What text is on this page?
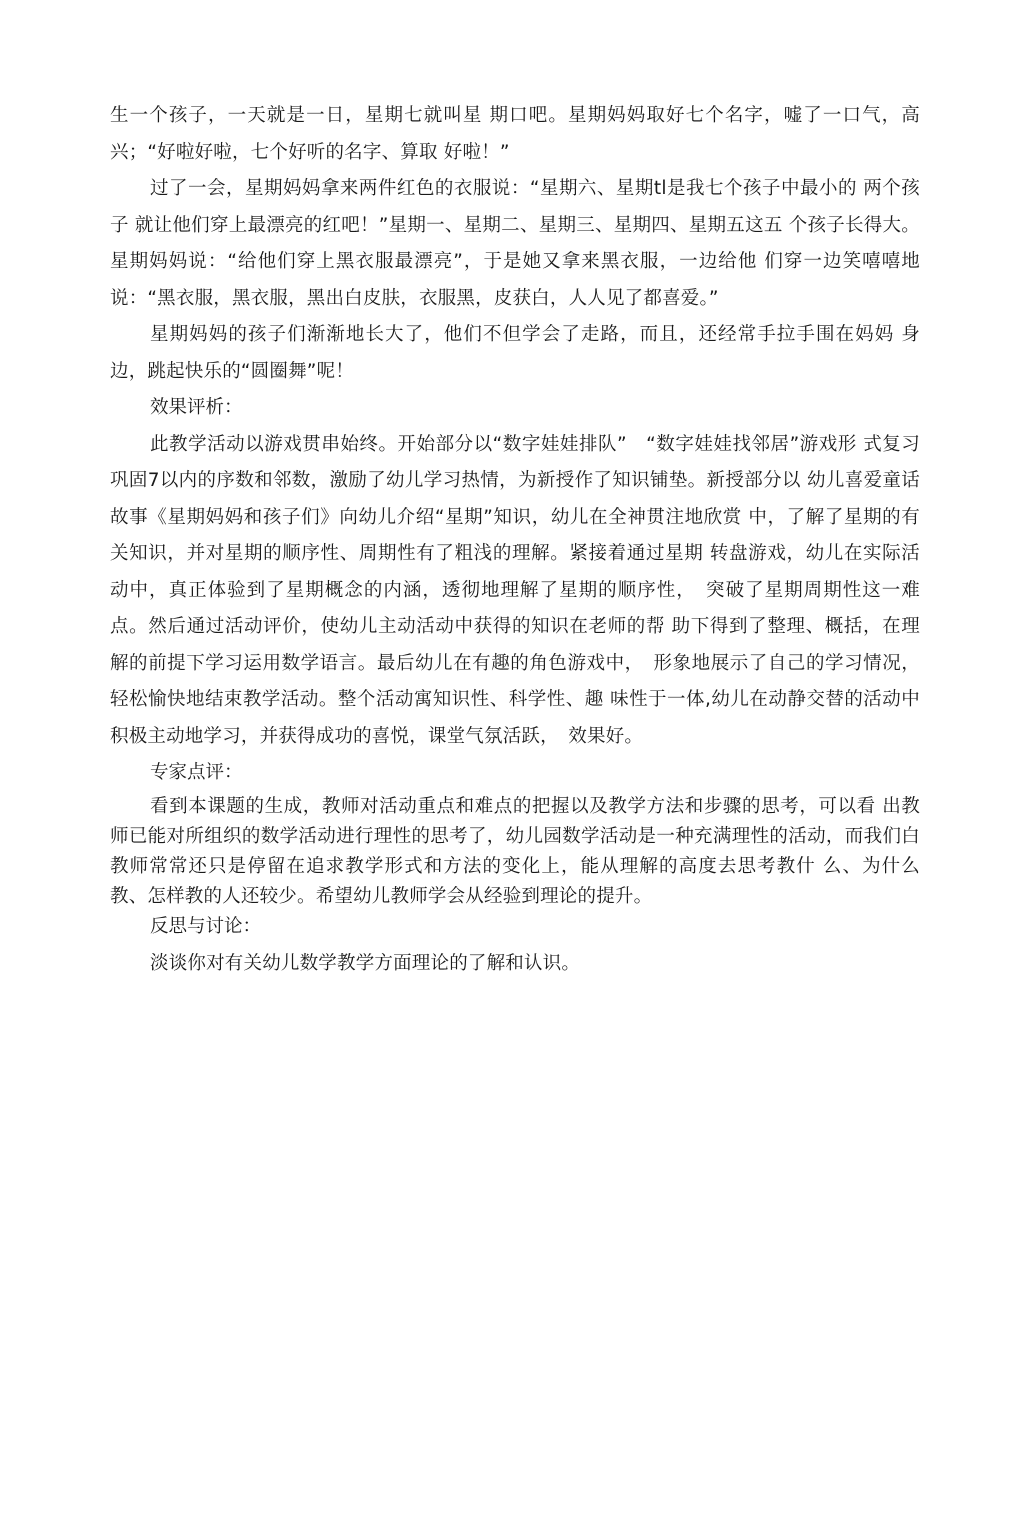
生一个孩子，一天就是一日，星期七就叫星 期口吧。星期妈妈取好七个名字，嘘了一口气，高兴；“好啦好啦，七个好听的名字、算取 好啦！”

过了一会，星期妈妈拿来两件红色的衣服说：“星期六、星期tl是我七个孩子中最小的 两个孩子 就让他们穿上最漂亮的红吧！”星期一、星期二、星期三、星期四、星期五这五 个孩子长得大。星期妈妈说：“给他们穿上黑衣服最漂亮”，于是她又拿来黑衣服，一边给他 们穿一边笑嘻嘻地说：“黑衣服，黑衣服，黑出白皮肤，衣服黑，皮获白，人人见了都喜爱。”

星期妈妈的孩子们渐渐地长大了，他们不但学会了走路，而且，还经常手拉手围在妈妈 身边，跳起快乐的“圆圈舞”呢！

效果评析：

此教学活动以游戏贯串始终。开始部分以“数字娃娃排队”　“数字娃娃找邻居”游戏形 式复习巩固7以内的序数和邻数，激励了幼儿学习热情，为新授作了知识铺垫。新授部分以 幼儿喜爱童话故事《星期妈妈和孩子们》向幼儿介绍“星期”知识，幼儿在全神贯注地欣赏 中，了解了星期的有关知识，并对星期的顺序性、周期性有了粗浅的理解。紧接着通过星期 转盘游戏，幼儿在实际活动中，真正体验到了星期概念的内涵，透彻地理解了星期的顺序性，　突破了星期周期性这一难点。然后通过活动评价，使幼儿主动活动中获得的知识在老师的帮 助下得到了整理、概括，在理解的前提下学习运用数学语言。最后幼儿在有趣的角色游戏中，　形象地展示了自己的学习情况，轻松愉快地结束教学活动。整个活动寓知识性、科学性、趣 味性于一体,幼儿在动静交替的活动中积极主动地学习，并获得成功的喜悦，课堂气氛活跃，　效果好。

专家点评：

看到本课题的生成，教师对活动重点和难点的把握以及教学方法和步骤的思考，可以看 出教师已能对所组织的数学活动进行理性的思考了，幼儿园数学活动是一种充满理性的活动，而我们白教师常常还只是停留在追求教学形式和方法的变化上，能从理解的高度去思考教什 么、为什么教、怎样教的人还较少。希望幼儿教师学会从经验到理论的提升。

反思与讨论：

淡谈你对有关幼儿数学教学方面理论的了解和认识。
